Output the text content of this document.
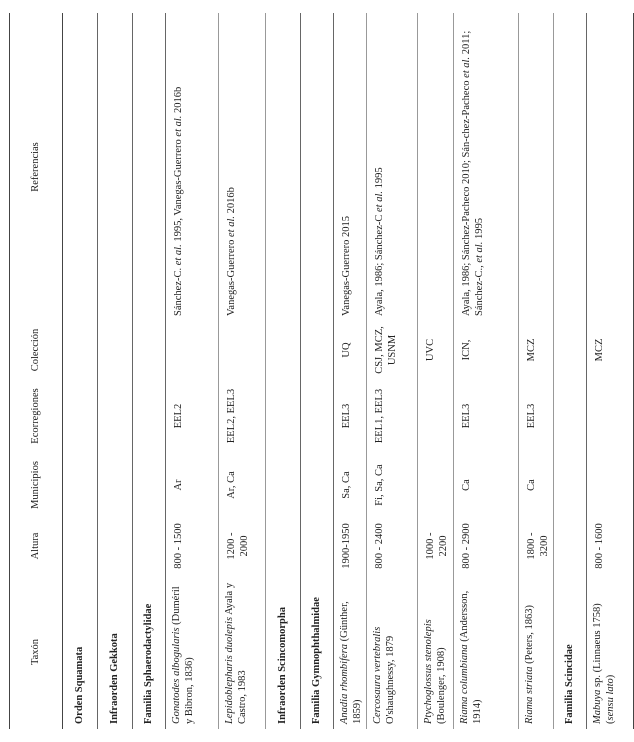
Taxón	Altura	Municipios	Ecorregiones	Colección	Referencias
Orden Squamata					
Infraorden Gekkota					
Familia Sphaerodactylidae					
Gonatodes albogularis (Duméril y Bibron, 1836)	800 - 1500	Ar	EEL2		Sánchez-C. et al. 1995, Vanegas-Guerrero et al. 2016b
Lepidoblepharis duolepis Ayala y Castro, 1983	1200 - 2000	Ar, Ca	EEL2, EEL3		Vanegas-Guerrero et al. 2016b
Infraorden Scincomorpha					
Familia Gymnophthalmidae					
Anadia rhombifera (Günther, 1859)	1900-1950	Sa, Ca	EEL3	UQ	Vanegas-Guerrero 2015
Cercosaura vertebralis O'shaughnessy, 1879	800 - 2400	Fi, Sa, Ca	EEL1, EEL3	CSJ, MCZ, USNM	Ayala, 1986; Sánchez-C et al. 1995
Ptychoglossus stenolepis (Boulenger, 1908)	1000 - 2200			UVC	
Riama columbiana (Andersson, 1914)	800 - 2900	Ca	EEL3	ICN,	Ayala, 1986; Sánchez-Pacheco 2010; Sán-chez-Pacheco et al. 2011; Sánchez-C., et al. 1995
Riama striata (Peters, 1863)	1800 - 3200	Ca	EEL3	MCZ	
Familia Scincidae					
Mabuya sp. (Linnaeus 1758) (sensu lato)	800 - 1600			MCZ	
